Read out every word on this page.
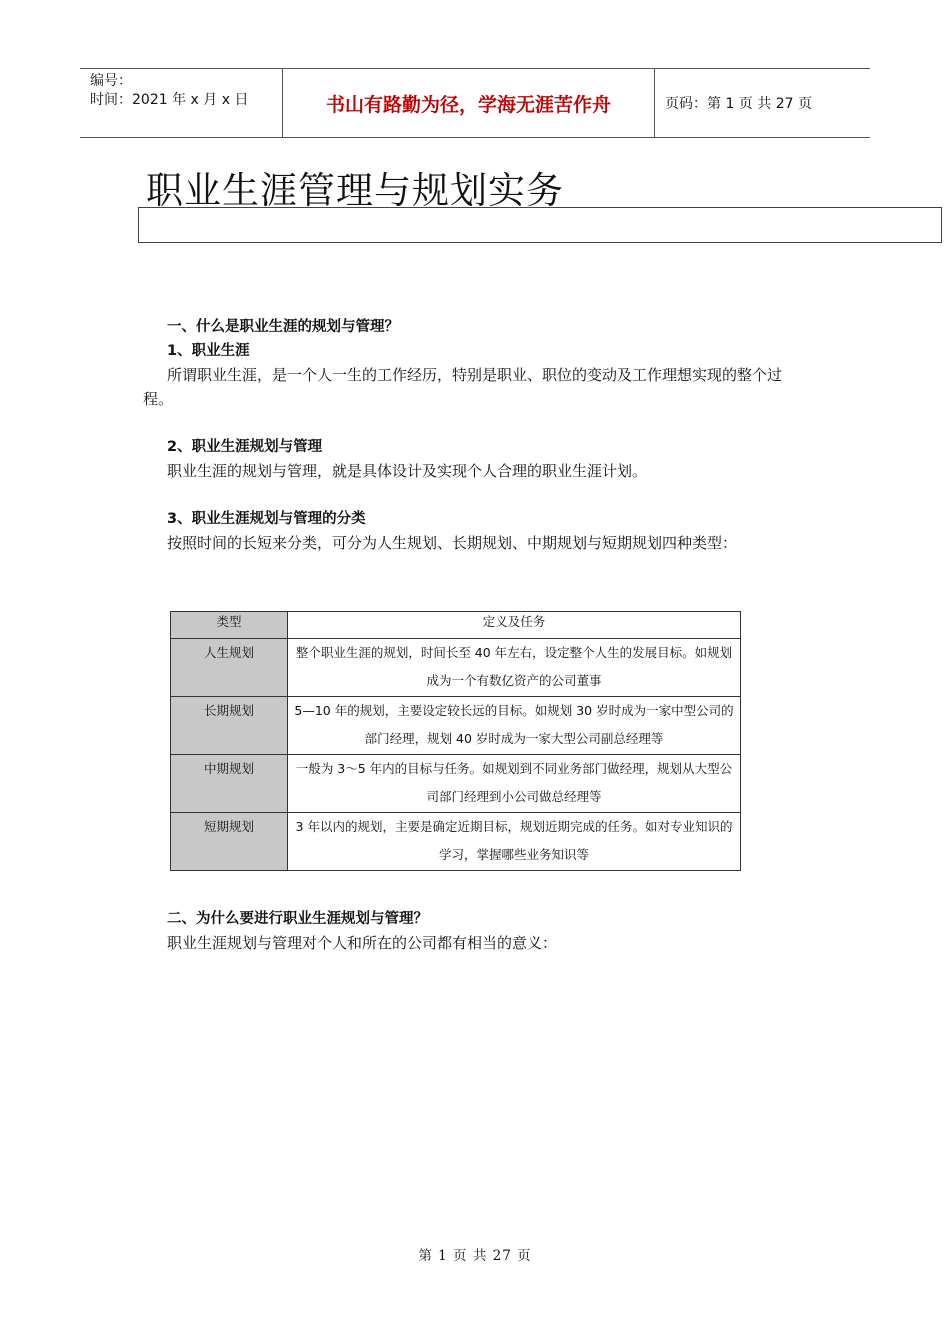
编号：
时间：2021 年 x 月 x 日	书山有路勤为径，学海无涯苦作舟	页码：第 1 页 共 27 页
职业生涯管理与规划实务
一、什么是职业生涯的规划与管理？
1、职业生涯
所谓职业生涯，是一个人一生的工作经历，特别是职业、职位的变动及工作理想实现的整个过程。
2、职业生涯规划与管理
职业生涯的规划与管理，就是具体设计及实现个人合理的职业生涯计划。
3、职业生涯规划与管理的分类
按照时间的长短来分类，可分为人生规划、长期规划、中期规划与短期规划四种类型：
类型	定义及任务
人生规划	整个职业生涯的规划，时间长至 40 年左右，设定整个人生的发展目标。如规划成为一个有数亿资产的公司董事
长期规划	5—10 年的规划，主要设定较长远的目标。如规划 30 岁时成为一家中型公司的部门经理，规划 40 岁时成为一家大型公司副总经理等
中期规划	一般为 3～5 年内的目标与任务。如规划到不同业务部门做经理，规划从大型公司部门经理到小公司做总经理等
短期规划	3 年以内的规划，主要是确定近期目标，规划近期完成的任务。如对专业知识的学习，掌握哪些业务知识等
二、为什么要进行职业生涯规划与管理？
职业生涯规划与管理对个人和所在的公司都有相当的意义：
第 1 页 共 27 页
